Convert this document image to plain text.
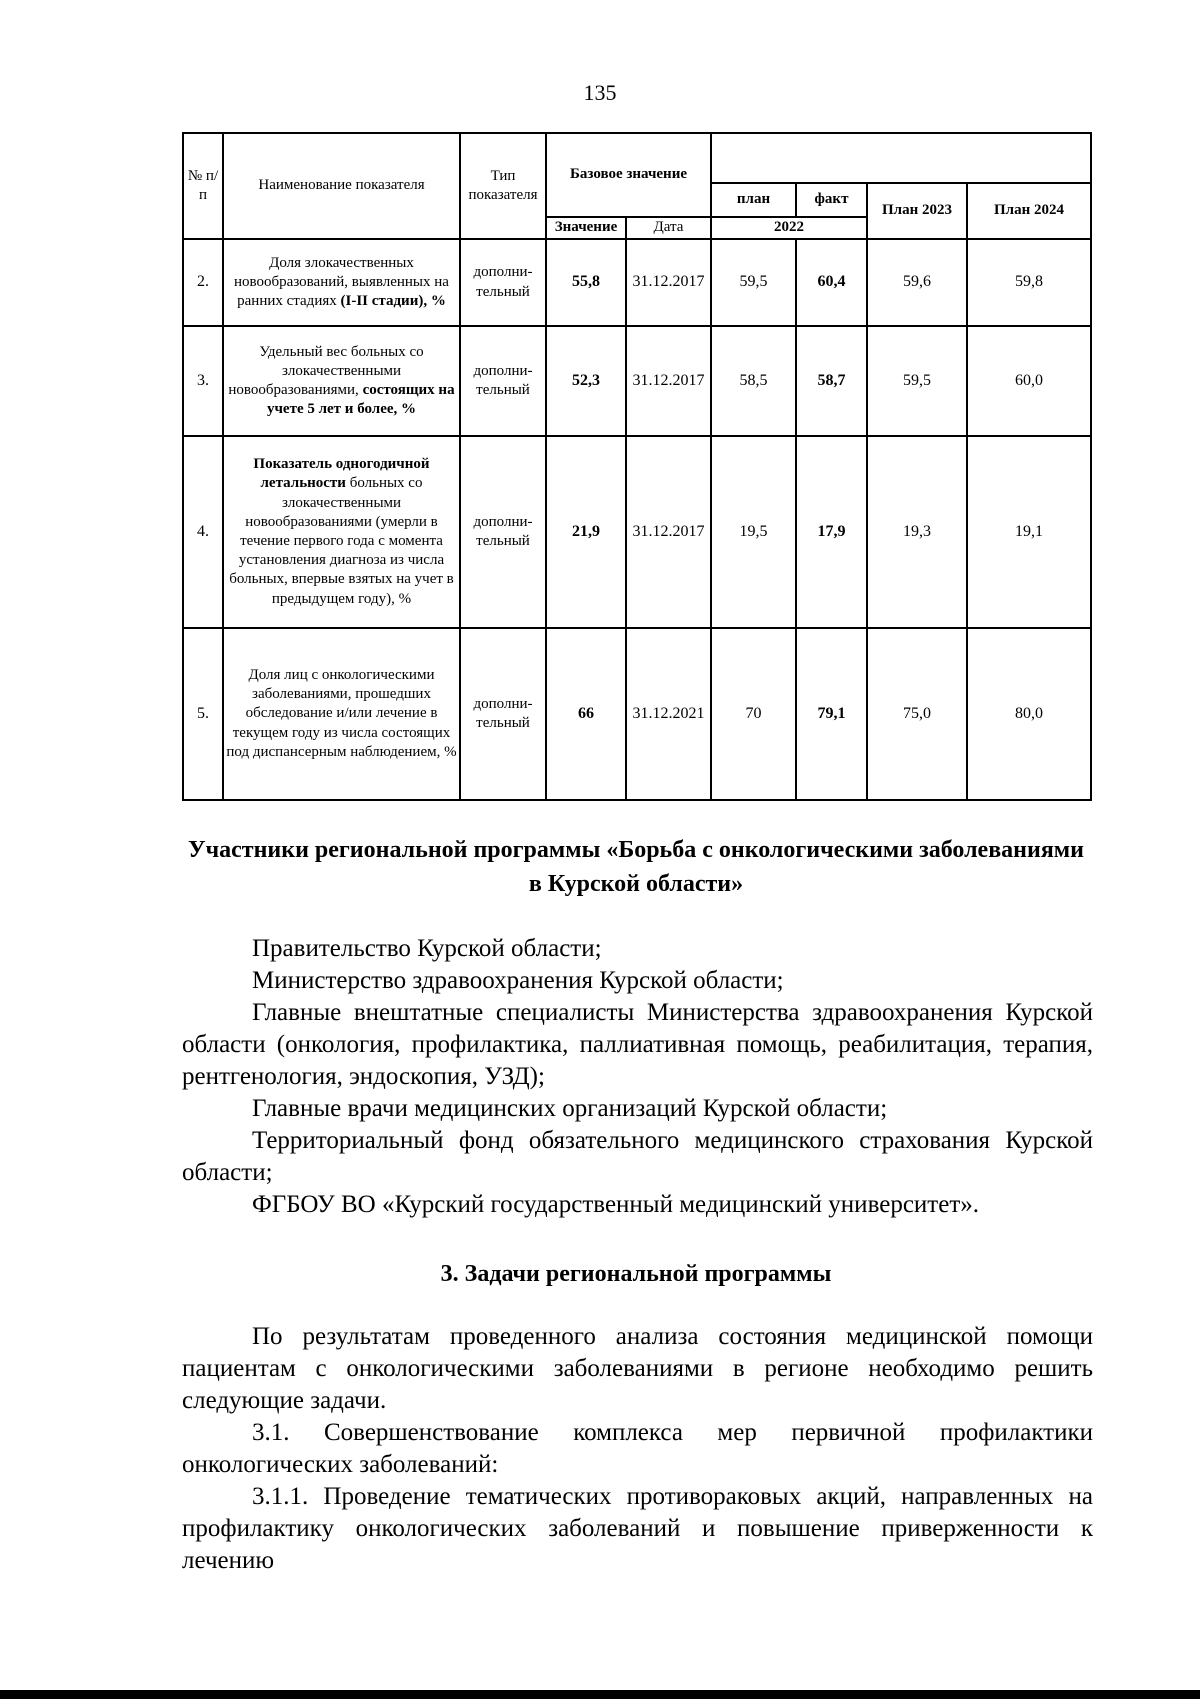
135
№ п/п	Наименование показателя	Тип показателя	Базовое значение					
					план	факт	План 2023	План 2024
			Значение	Дата	2022			
2.	Доля злокачественных новообразований, выявленных на ранних стадиях (I-II стадии), %	дополни-тельный	55,8	31.12.2017	59,5	60,4	59,6	59,8
3.	Удельный вес больных со злокачественными новообразованиями, состоящих на учете 5 лет и более, %	дополни-тельный	52,3	31.12.2017	58,5	58,7	59,5	60,0
4.	Показатель одногодичной летальности больных со злокачественными новообразованиями (умерли в течение первого года с момента установления диагноза из числа больных, впервые взятых на учет в предыдущем году), %	дополни-тельный	21,9	31.12.2017	19,5	17,9	19,3	19,1
5.	Доля лиц с онкологическими заболеваниями, прошедших обследование и/или лечение в текущем году из числа состоящих под диспансерным наблюдением, %	дополни-тельный	66	31.12.2021	70	79,1	75,0	80,0
Участники региональной программы «Борьба с онкологическими заболеваниями в Курской области»
Правительство Курской области;
Министерство здравоохранения Курской области;
Главные внештатные специалисты Министерства здравоохранения Курской области (онкология, профилактика, паллиативная помощь, реабилитация, терапия, рентгенология, эндоскопия, УЗД);
Главные врачи медицинских организаций Курской области;
Территориальный фонд обязательного медицинского страхования Курской области;
ФГБОУ ВО «Курский государственный медицинский университет».
3. Задачи региональной программы
По результатам проведенного анализа состояния медицинской помощи пациентам с онкологическими заболеваниями в регионе необходимо решить следующие задачи.
3.1. Совершенствование комплекса мер первичной профилактики онкологических заболеваний:
3.1.1. Проведение тематических противораковых акций, направленных на профилактику онкологических заболеваний и повышение приверженности к лечению
